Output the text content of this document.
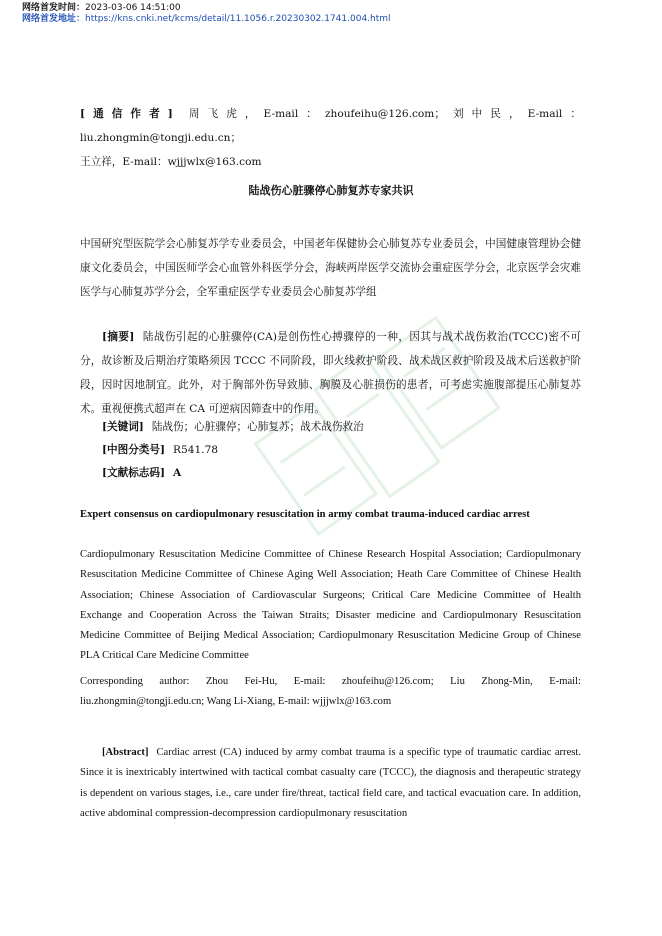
网络首发时间：2023-03-06 14:51:00
网络首发地址：https://kns.cnki.net/kcms/detail/11.1056.r.20230302.1741.004.html
[通信作者] 周飞虎，E-mail：zhoufeihu@126.com；刘中民，E-mail：liu.zhongmin@tongji.edu.cn；
王立祥，E-mail：wjjjwlx@163.com
陆战伤心脏骤停心肺复苏专家共识
中国研究型医院学会心肺复苏学专业委员会，中国老年保健协会心肺复苏专业委员会，中国健康管理协会健康文化委员会，中国医师学会心血管外科医学分会，海峡两岸医学交流协会重症医学分会，北京医学会灾难医学与心肺复苏学分会，全军重症医学专业委员会心肺复苏学组
[摘要] 陆战伤引起的心脏骤停(CA)是创伤性心搏骤停的一种，因其与战术战伤救治(TCCC)密不可分，故诊断及后期治疗策略须因 TCCC 不同阶段，即火线救护阶段、战术战区救护阶段及战术后送救护阶段，因时因地制宜。此外，对于胸部外伤导致肺、胸膜及心脏损伤的患者，可考虑实施腹部提压心肺复苏术。重视便携式超声在 CA 可逆病因筛查中的作用。
[关键词] 陆战伤；心脏骤停；心肺复苏；战术战伤救治
[中图分类号] R541.78
[文献标志码] A
Expert consensus on cardiopulmonary resuscitation in army combat trauma-induced cardiac arrest
Cardiopulmonary Resuscitation Medicine Committee of Chinese Research Hospital Association; Cardiopulmonary Resuscitation Medicine Committee of Chinese Aging Well Association; Heath Care Committee of Chinese Health Association; Chinese Association of Cardiovascular Surgeons; Critical Care Medicine Committee of Health Exchange and Cooperation Across the Taiwan Straits; Disaster medicine and Cardiopulmonary Resuscitation Medicine Committee of Beijing Medical Association; Cardiopulmonary Resuscitation Medicine Group of Chinese PLA Critical Care Medicine Committee
Corresponding author: Zhou Fei-Hu, E-mail: zhoufeihu@126.com; Liu Zhong-Min, E-mail: liu.zhongmin@tongji.edu.cn; Wang Li-Xiang, E-mail: wjjjwlx@163.com
[Abstract] Cardiac arrest (CA) induced by army combat trauma is a specific type of traumatic cardiac arrest. Since it is inextricably intertwined with tactical combat casualty care (TCCC), the diagnosis and therapeutic strategy is dependent on various stages, i.e., care under fire/threat, tactical field care, and tactical evacuation care. In addition, active abdominal compression-decompression cardiopulmonary resuscitation
